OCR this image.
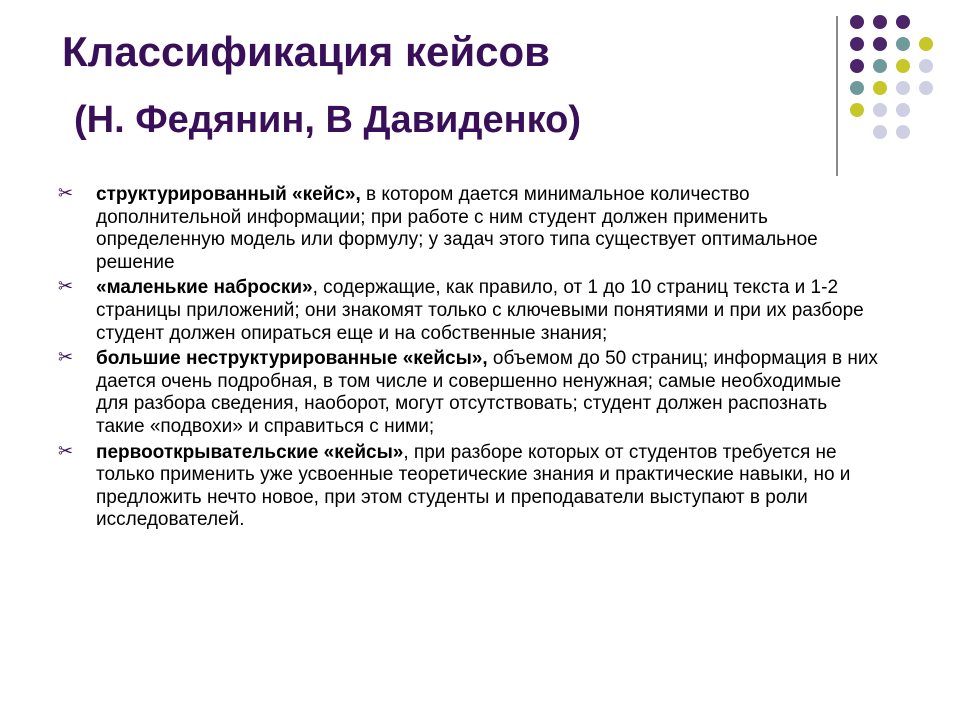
Классификация кейсов
(Н. Федянин, В Давиденко)
✂ структурированный «кейс», в котором дается минимальное количество дополнительной информации; при работе с ним студент должен применить определенную модель или формулу; у задач этого типа существует оптимальное решение
✂ «маленькие наброски», содержащие, как правило, от 1 до 10 страниц текста и 1-2 страницы приложений; они знакомят только с ключевыми понятиями и при их разборе студент должен опираться еще и на собственные знания;
✂ большие неструктурированные «кейсы», объемом до 50 страниц; информация в них дается очень подробная, в том числе и совершенно ненужная; самые необходимые для разбора сведения, наоборот, могут отсутствовать; студент должен распознать такие «подвохи» и справиться с ними;
✂ первооткрывательские «кейсы», при разборе которых от студентов требуется не только применить уже усвоенные теоретические знания и практические навыки, но и предложить нечто новое, при этом студенты и преподаватели выступают в роли исследователей.
